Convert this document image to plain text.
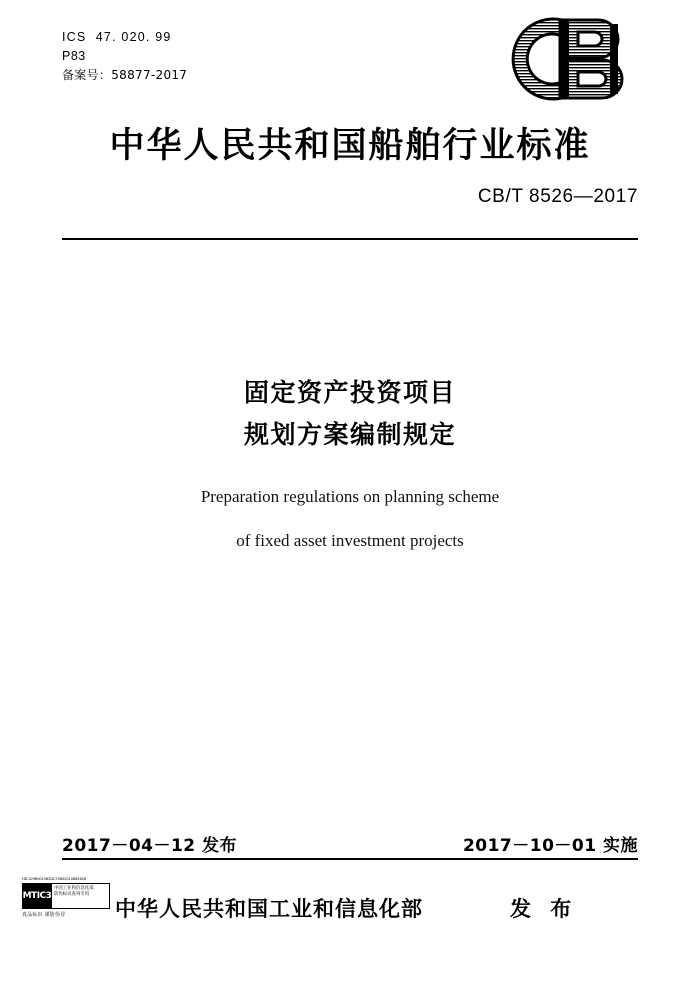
ICS  47. 020. 99
P83
备案号：58877-2017
中华人民共和国船舶行业标准
CB/T 8526—2017
固定资产投资项目
规划方案编制规定
Preparation regulations on planning scheme
of fixed asset investment projects
2017－04－12 发布	2017－10－01 实施
中华人民共和国工业和信息化部	发 布
HD-S298001582DC70802015882628
MTIC3
中国工业和信息化部
防伪标识查询专用
真品标识 谨防伪冒
